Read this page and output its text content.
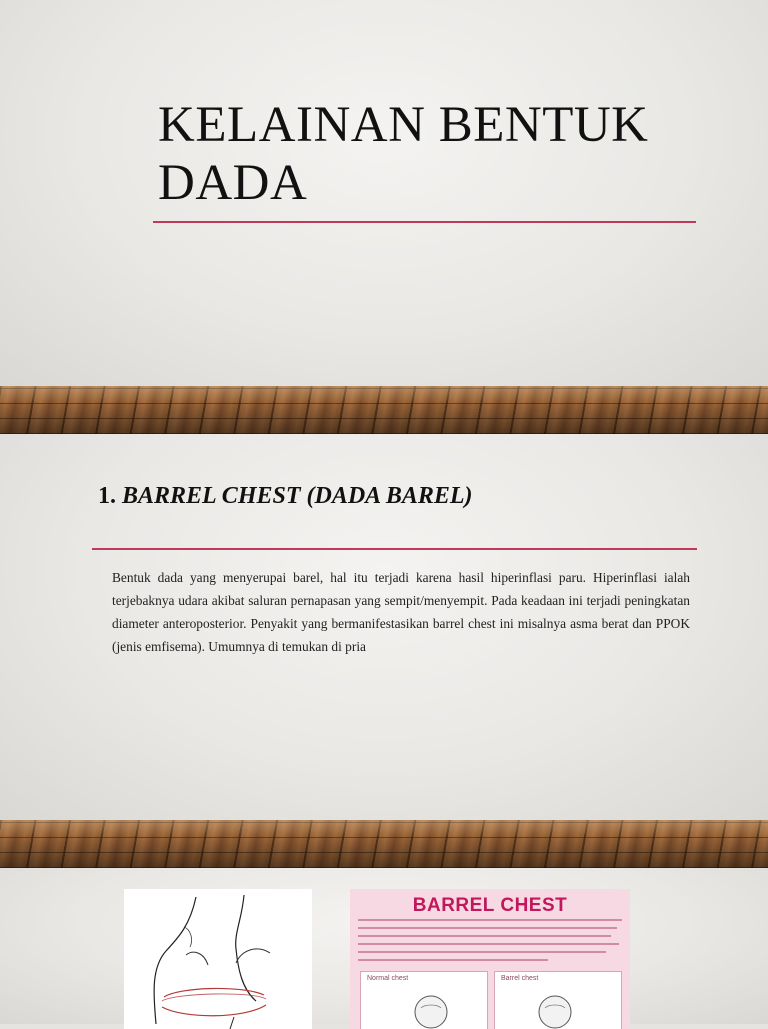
KELAINAN BENTUK DADA
1. BARREL CHEST (DADA BAREL)

Bentuk dada yang menyerupai barel, hal itu terjadi karena hasil hiperinflasi paru. Hiperinflasi ialah terjebaknya udara akibat saluran pernapasan yang sempit/menyempit. Pada keadaan ini terjadi peningkatan diameter anteroposterior. Penyakit yang bermanifestasikan barrel chest ini misalnya asma berat dan PPOK (jenis emfisema). Umumnya di temukan di pria

BARREL CHEST
Normal chest	Barrel chest
